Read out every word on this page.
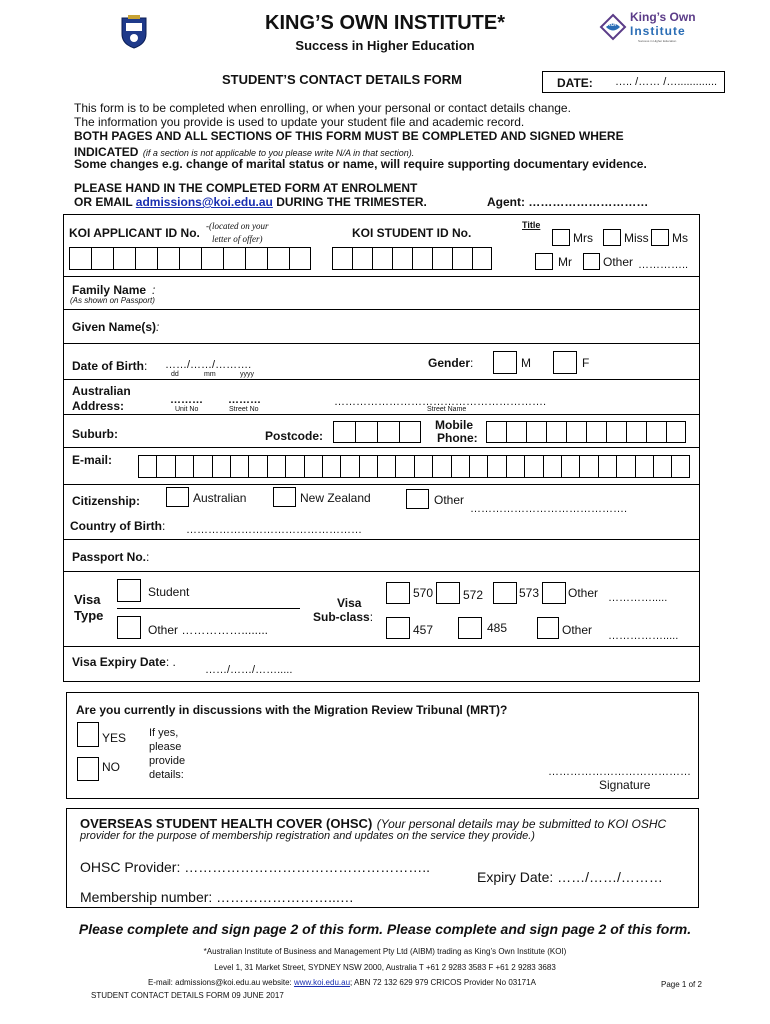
KING’S OWN INSTITUTE*
Success in Higher Education
KOI
King’s Own
Institute
Success in Higher Education
STUDENT’S CONTACT DETAILS FORM	DATE: ….. /…… /….............
This form is to be completed when enrolling, or when your personal or contact details change.
The information you provide is used to update your student file and academic record.
BOTH PAGES AND ALL SECTIONS OF THIS FORM MUST BE COMPLETED AND SIGNED WHERE
INDICATED (if a section is not applicable to you please write N/A in that section).
Some changes e.g. change of marital status or name, will require supporting documentary evidence.
PLEASE HAND IN THE COMPLETED FORM AT ENROLMENT
OR EMAIL admissions@koi.edu.au DURING THE TRIMESTER.	Agent: …………………………
KOI APPLICANT ID No. -(located on your
letter of offer)	KOI STUDENT ID No.
Title
Mrs	Miss Ms
Mr	Other …………..
Family Name :
(As shown on Passport)
Given Name(s):
Date of Birth: ……/……/……….
dd	mm	yyyy
Gender:	M	F
Australian
Address:	……… ………	………………………………………………….
Unit No	Street No	Street Name
Suburb:	Postcode:
Mobile
Phone:
E-mail:
Citizenship:	Australian	New Zealand	Other
…………………………………….
Country of Birth: …………………………………………
Passport No.:
Visa
Type
Student
Other ……………........
Visa
Sub-class:
570 572	573 Other ………….....
457	485	Other …………….....
Visa Expiry Date: .
……/……/…….....
Are you currently in discussions with the Migration Review Tribunal (MRT)?
YES
NO
If yes,
please
provide
details:	…………………………………
Signature
OVERSEAS STUDENT HEALTH COVER (OHSC) (Your personal details may be submitted to KOI OSHC
provider for the purpose of membership registration and updates on the service they provide.)
OHSC Provider: ……………………………………………..
Expiry Date: ……/……/………
Membership number: ……………………...…
Please complete and sign page 2 of this form. Please complete and sign page 2 of this form.
*Australian Institute of Business and Management Pty Ltd (AIBM) trading as King’s Own Institute (KOI)
Level 1, 31 Market Street, SYDNEY NSW 2000, Australia T +61 2 9283 3583 F +61 2 9283 3683
E-mail: admissions@koi.edu.au website: www.koi.edu.au; ABN 72 132 629 979 CRICOS Provider No 03171A	Page 1 of 2
STUDENT CONTACT DETAILS FORM 09 JUNE 2017
